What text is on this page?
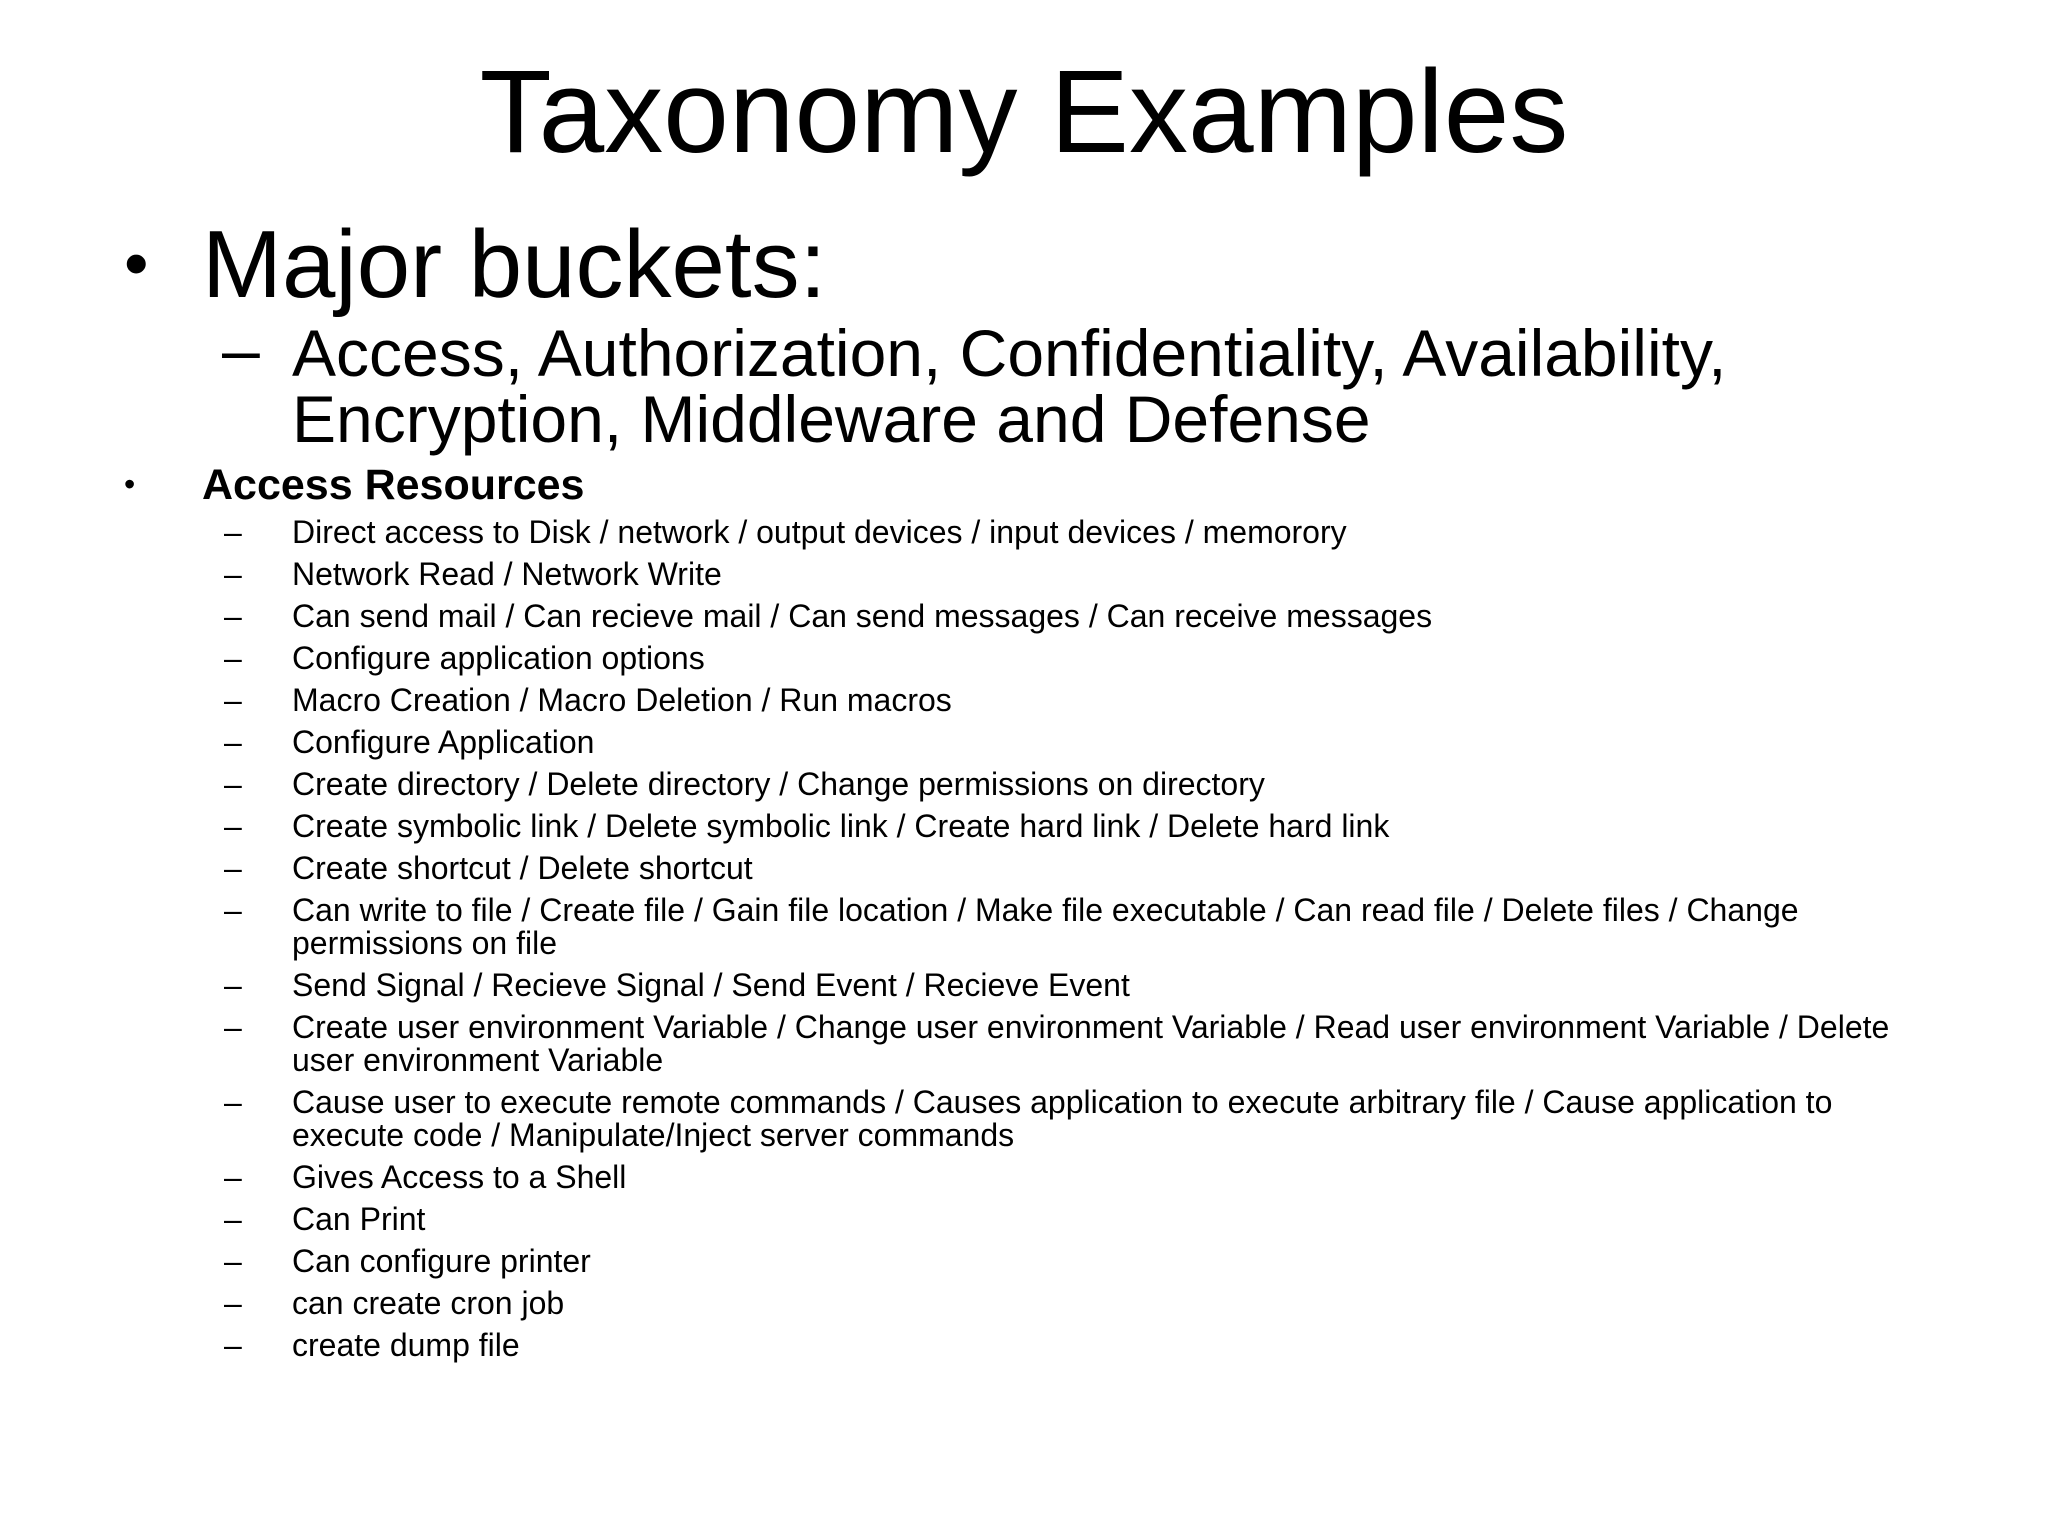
Taxonomy Examples
• Major buckets:
– Access, Authorization, Confidentiality, Availability,
Encryption, Middleware and Defense
• Access Resources
– Direct access to Disk / network / output devices / input devices / memorory
– Network Read / Network Write
– Can send mail / Can recieve mail / Can send messages / Can receive messages
– Configure application options
– Macro Creation / Macro Deletion / Run macros
– Configure Application
– Create directory / Delete directory / Change permissions on directory
– Create symbolic link / Delete symbolic link / Create hard link / Delete hard link
– Create shortcut / Delete shortcut
– Can write to file / Create file / Gain file location / Make file executable / Can read file / Delete files / Change permissions on file
– Send Signal / Recieve Signal / Send Event / Recieve Event
– Create user environment Variable / Change user environment Variable / Read user environment Variable / Delete user environment Variable
– Cause user to execute remote commands / Causes application to execute arbitrary file / Cause application to execute code / Manipulate/Inject server commands
– Gives Access to a Shell
– Can Print
– Can configure printer
– can create cron job
– create dump file
